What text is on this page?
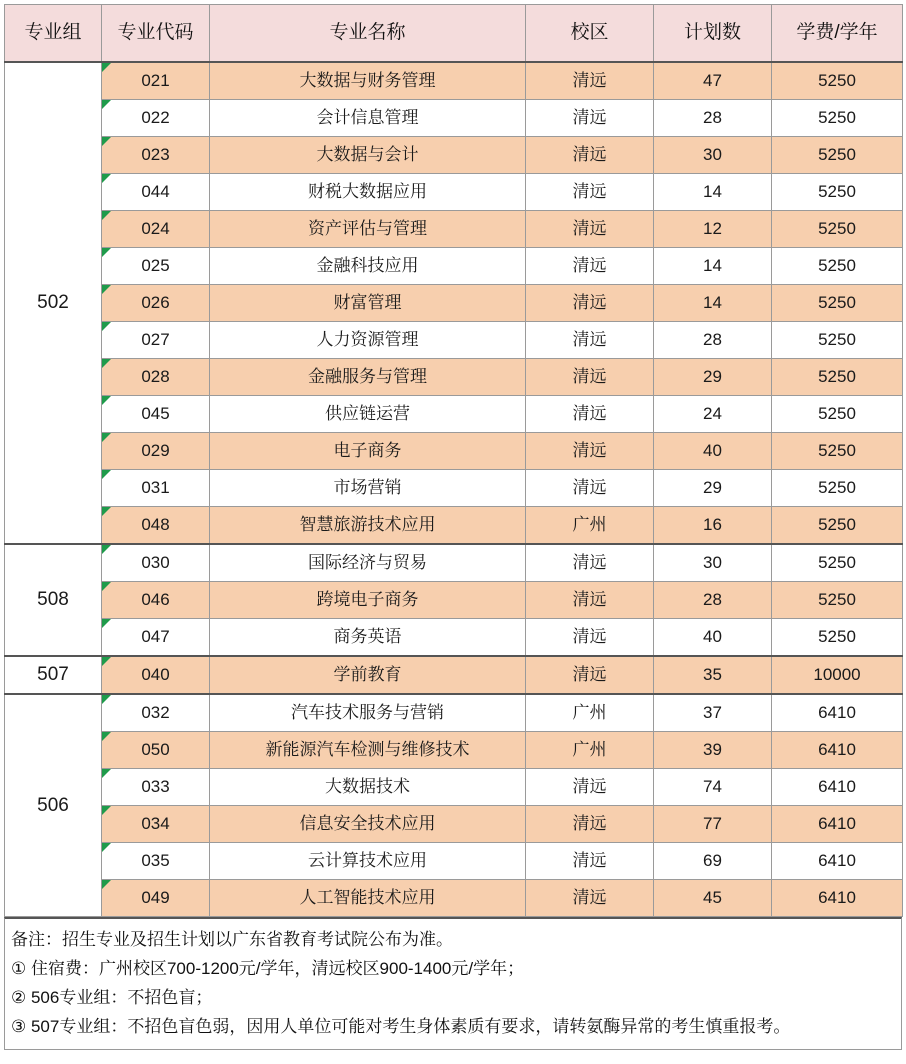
专业组	专业代码	专业名称	校区	计划数	学费/学年
502	021	大数据与财务管理	清远	47	5250

022	会计信息管理	清远	28	5250

023	大数据与会计	清远	30	5250

044	财税大数据应用	清远	14	5250

024	资产评估与管理	清远	12	5250

025	金融科技应用	清远	14	5250

026	财富管理	清远	14	5250

027	人力资源管理	清远	28	5250

028	金融服务与管理	清远	29	5250

045	供应链运营	清远	24	5250

029	电子商务	清远	40	5250

031	市场营销	清远	29	5250

048	智慧旅游技术应用	广州	16	5250
508	030	国际经济与贸易	清远	30	5250

046	跨境电子商务	清远	28	5250

047	商务英语	清远	40	5250
507	040	学前教育	清远	35	10000
506	032	汽车技术服务与营销	广州	37	6410

050	新能源汽车检测与维修技术	广州	39	6410

033	大数据技术	清远	74	6410

034	信息安全技术应用	清远	77	6410

035	云计算技术应用	清远	69	6410

049	人工智能技术应用	清远	45	6410
备注：招生专业及招生计划以广东省教育考试院公布为准。
① 住宿费：广州校区700-1200元/学年，清远校区900-1400元/学年；
② 506专业组：不招色盲；
③ 507专业组：不招色盲色弱，因用人单位可能对考生身体素质有要求，请转氨酶异常的考生慎重报考。
